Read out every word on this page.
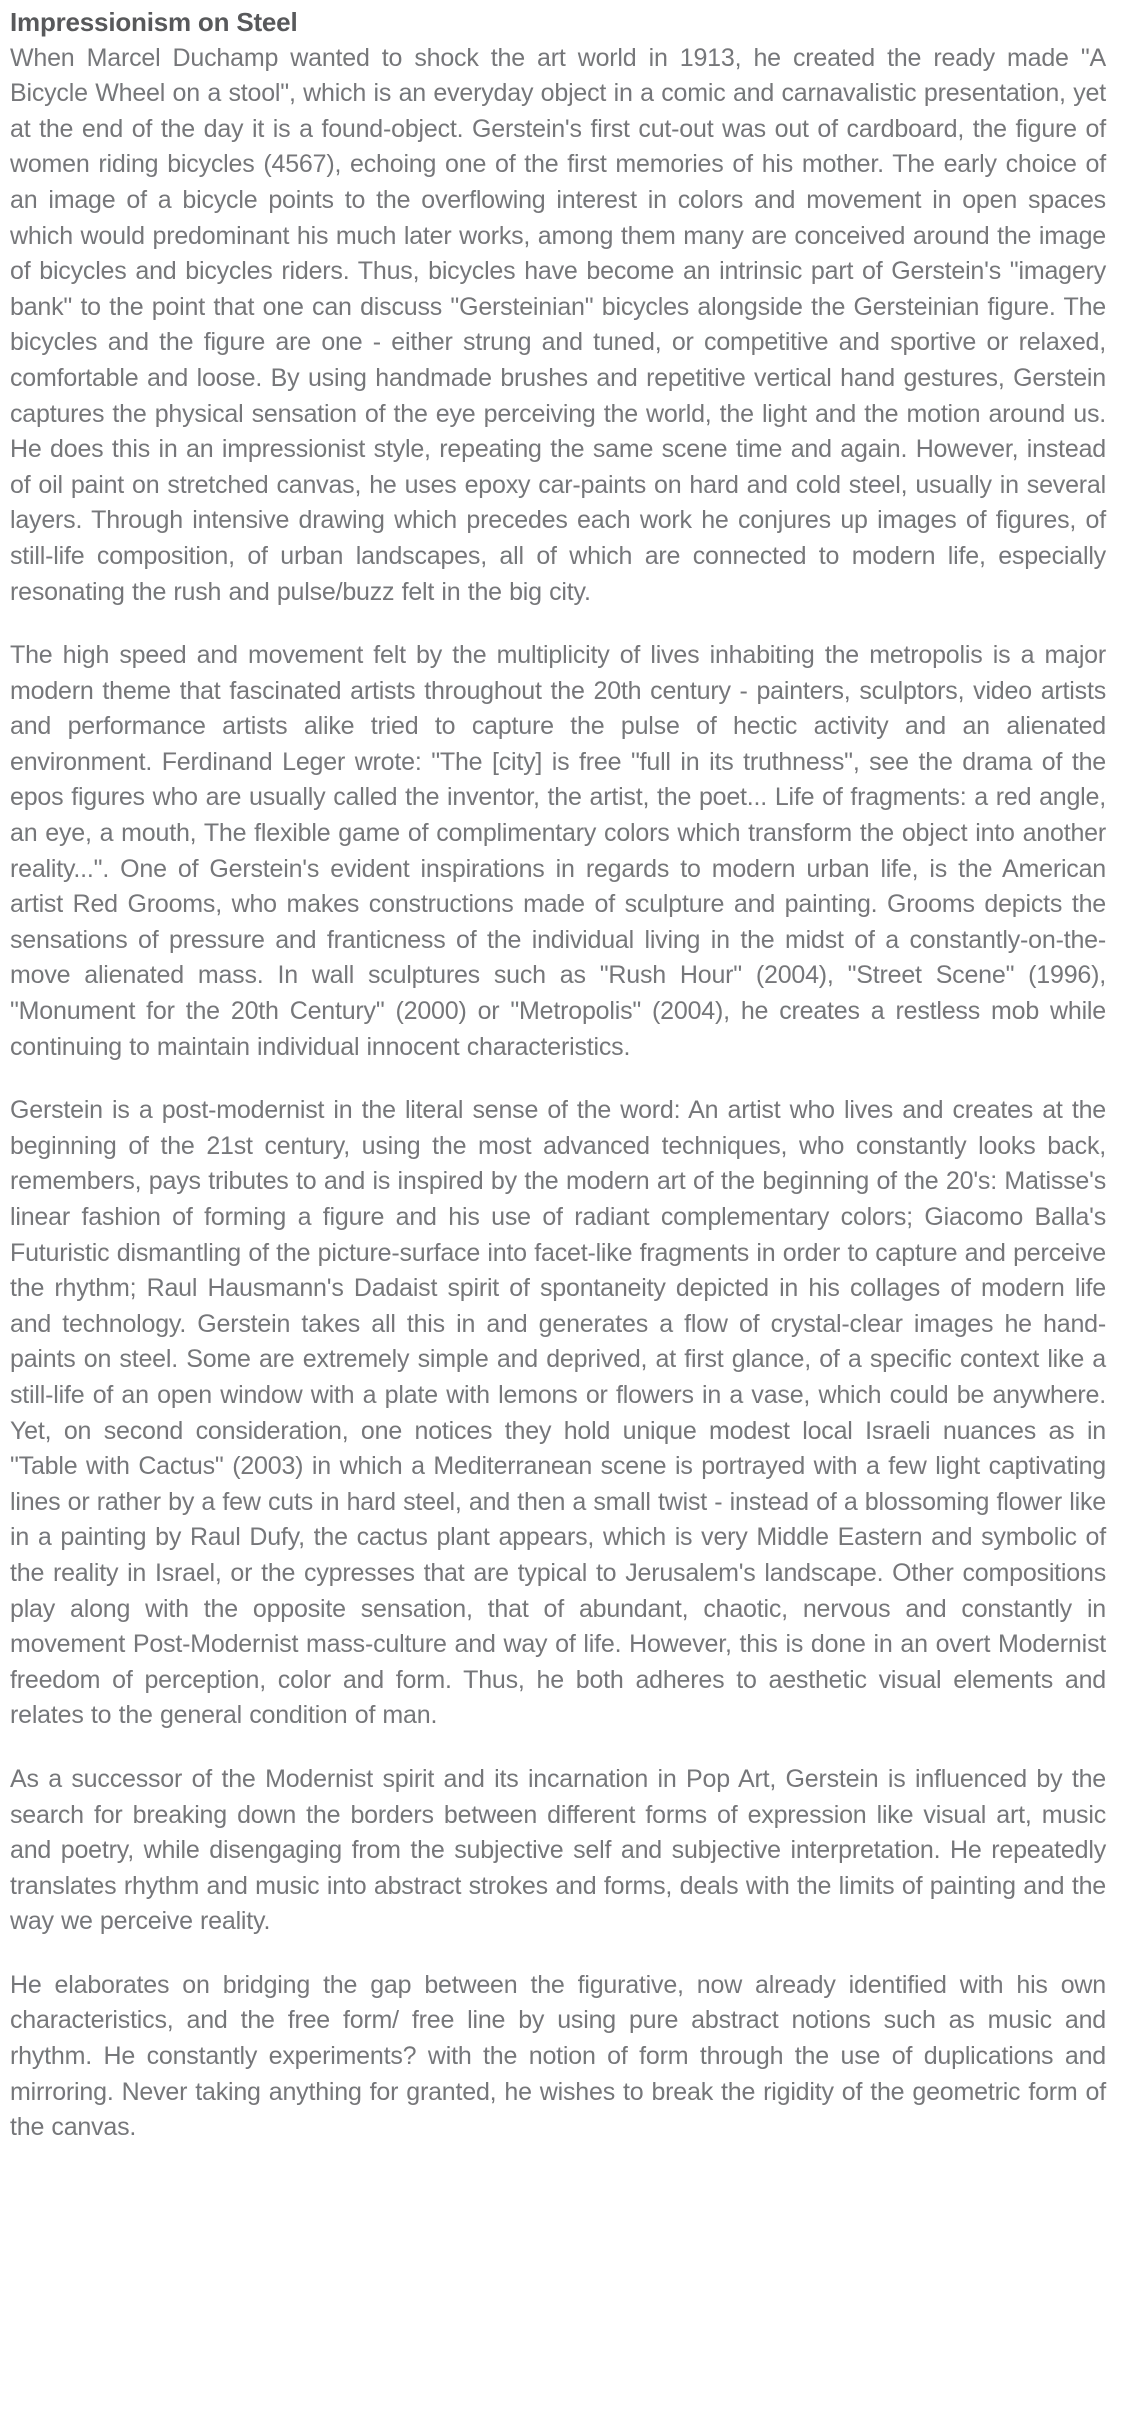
Impressionism on Steel

When Marcel Duchamp wanted to shock the art world in 1913, he created the ready made "A Bicycle Wheel on a stool", which is an everyday object in a comic and carnavalistic presentation, yet at the end of the day it is a found-object. Gerstein's first cut-out was out of cardboard, the figure of women riding bicycles (4567), echoing one of the first memories of his mother. The early choice of an image of a bicycle points to the overflowing interest in colors and movement in open spaces which would predominant his much later works, among them many are conceived around the image of bicycles and bicycles riders. Thus, bicycles have become an intrinsic part of Gerstein's "imagery bank" to the point that one can discuss "Gersteinian" bicycles alongside the Gersteinian figure. The bicycles and the figure are one - either strung and tuned, or competitive and sportive or relaxed, comfortable and loose. By using handmade brushes and repetitive vertical hand gestures, Gerstein captures the physical sensation of the eye perceiving the world, the light and the motion around us. He does this in an impressionist style, repeating the same scene time and again. However, instead of oil paint on stretched canvas, he uses epoxy car-paints on hard and cold steel, usually in several layers. Through intensive drawing which precedes each work he conjures up images of figures, of still-life composition, of urban landscapes, all of which are connected to modern life, especially resonating the rush and pulse/buzz felt in the big city.

The high speed and movement felt by the multiplicity of lives inhabiting the metropolis is a major modern theme that fascinated artists throughout the 20th century - painters, sculptors, video artists and performance artists alike tried to capture the pulse of hectic activity and an alienated environment. Ferdinand Leger wrote: "The [city] is free "full in its truthness", see the drama of the epos figures who are usually called the inventor, the artist, the poet... Life of fragments: a red angle, an eye, a mouth, The flexible game of complimentary colors which transform the object into another reality...". One of Gerstein's evident inspirations in regards to modern urban life, is the American artist Red Grooms, who makes constructions made of sculpture and painting. Grooms depicts the sensations of pressure and franticness of the individual living in the midst of a constantly-on-the-move alienated mass. In wall sculptures such as "Rush Hour" (2004), "Street Scene" (1996), "Monument for the 20th Century" (2000) or "Metropolis" (2004), he creates a restless mob while continuing to maintain individual innocent characteristics.

Gerstein is a post-modernist in the literal sense of the word: An artist who lives and creates at the beginning of the 21st century, using the most advanced techniques, who constantly looks back, remembers, pays tributes to and is inspired by the modern art of the beginning of the 20's: Matisse's linear fashion of forming a figure and his use of radiant complementary colors; Giacomo Balla's Futuristic dismantling of the picture-surface into facet-like fragments in order to capture and perceive the rhythm; Raul Hausmann's Dadaist spirit of spontaneity depicted in his collages of modern life and technology. Gerstein takes all this in and generates a flow of crystal-clear images he hand-paints on steel. Some are extremely simple and deprived, at first glance, of a specific context like a still-life of an open window with a plate with lemons or flowers in a vase, which could be anywhere. Yet, on second consideration, one notices they hold unique modest local Israeli nuances as in "Table with Cactus" (2003) in which a Mediterranean scene is portrayed with a few light captivating lines or rather by a few cuts in hard steel, and then a small twist - instead of a blossoming flower like in a painting by Raul Dufy, the cactus plant appears, which is very Middle Eastern and symbolic of the reality in Israel, or the cypresses that are typical to Jerusalem's landscape. Other compositions play along with the opposite sensation, that of abundant, chaotic, nervous and constantly in movement Post-Modernist mass-culture and way of life. However, this is done in an overt Modernist freedom of perception, color and form. Thus, he both adheres to aesthetic visual elements and relates to the general condition of man.

As a successor of the Modernist spirit and its incarnation in Pop Art, Gerstein is influenced by the search for breaking down the borders between different forms of expression like visual art, music and poetry, while disengaging from the subjective self and subjective interpretation. He repeatedly translates rhythm and music into abstract strokes and forms, deals with the limits of painting and the way we perceive reality.

He elaborates on bridging the gap between the figurative, now already identified with his own characteristics, and the free form/ free line by using pure abstract notions such as music and rhythm. He constantly experiments? with the notion of form through the use of duplications and mirroring. Never taking anything for granted, he wishes to break the rigidity of the geometric form of the canvas.
